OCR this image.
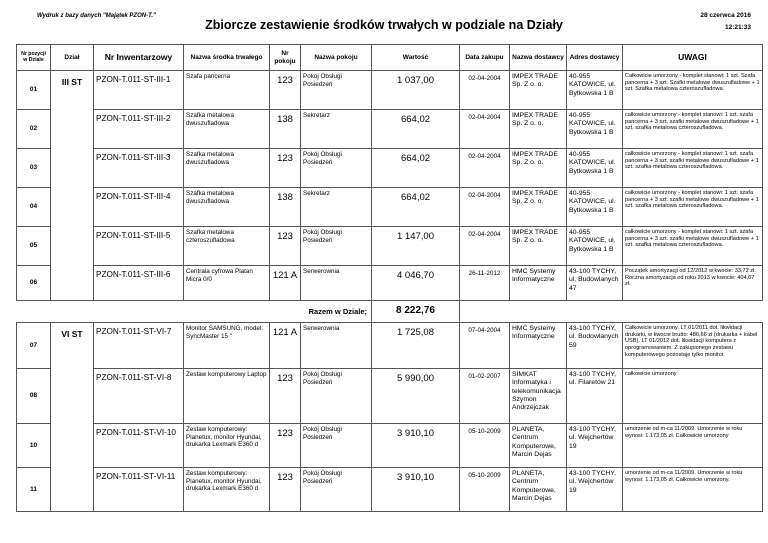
Wydruk z bazy danych "Majątek PZON-T."
Zbiorcze zestawienie środków trwałych w podziale na Działy
28 czerwca 2016
12:21:33
Nr pozycji w Dziale	Dział	Nr Inwentarzowy	Nazwa środka trwałego	Nr pokoju	Nazwa pokoju	Wartość	Data zakupu	Nazwa dostawcy	Adres dostawcy	UWAGI
01	III ST	PZON-T.011-ST-III-1	Szafa pancerna	123	Pokój Obsługi Posiedzeń	1 037,00	02-04-2004	IMPEX TRADE Sp. Z o. o.	40-955 KATOWICE, ul. Bytkowska 1 B	Całkowicie umorzony - komplet stanowi: 1 szt. Szafa pancerna + 3 szt. Szafki metalowe dwuszufladowe + 1 szt. Szafka metalowa czteroszufladowa.
02		PZON-T.011-ST-III-2	Szafka metalowa dwuszufladowa	138	Sekretarz	664,02	02-04-2004	IMPEX TRADE Sp. Z o. o.	40-955 KATOWICE, ul. Bytkowska 1 B	całkowicie umorzony - komplet stanowi: 1 szt. szafa pancerna + 3 szt. szafki metalowe dwuszufladowe + 1 szt. szafka metalowa czteroszufladowa.
03		PZON-T.011-ST-III-3	Szafka metalowa dwuszufladowa	123	Pokój Obsługi Posiedzeń	664,02	02-04-2004	IMPEX TRADE Sp. Z o. o.	40-955 KATOWICE, ul. Bytkowska 1 B	całkowicie umorzony - komplet stanowi: 1 szt. szafa pancerna + 3 szt. szafki metalowe dwuszufladowe + 1 szt. szafka metalowa czteroszufladowa.
04		PZON-T.011-ST-III-4	Szafka metalowa dwuszufladowa	138	Sekretarz	664,02	02-04-2004	IMPEX TRADE Sp. Z o. o.	40-955 KATOWICE, ul. Bytkowska 1 B	całkowicie umorzony - komplet stanowi: 1 szt. szafa pancerna + 3 szt. szafki metalowe dwuszufladowe + 1 szt. szafka metalowa czteroszufladowa.
05		PZON-T.011-ST-III-5	Szafka metalowa czteroszufladowa	123	Pokój Obsługi Posiedzeń	1 147,00	02-04-2004	IMPEX TRADE Sp. Z o. o.	40-955 KATOWICE, ul. Bytkowska 1 B	całkowicie umorzony - komplet stanowi: 1 szt. szafa pancerna + 3 szt. szafki metalowe dwuszufladowe + 1 szt. szafka metalowa czteroszufladowa.
06		PZON-T.011-ST-III-6	Centrala cyfrowa Platan Micra 0/0	121 A	Serwerownia	4 046,70	26-11-2012	HMC Systemy Informatyczne	43-100 TYCHY, ul. Budowlanych 47	Początek amortyzacji od 12/2012 w kwocie: 33,72 zł. Roczna amortyzacja od roku 2013 w kwocie: 404,67 zł.
					Razem w Dziale;	8 222,76				
07	VI ST	PZON-T.011-ST-VI-7	Monitor SAMSUNG, model: SyncMaster 15 "	121 A	Serwerownia	1 725,08	07-04-2004	HMC Systemy Informatyczne	43-100 TYCHY, ul. Budowlanych 59	Całkowicie umorzony. LT 01/2011 dot. likwidacji drukarki, w kwocie brutto: 486,66 zł (drukarka + kabel USB). LT 01/2012 dot. likwidacji komputera z oprogramowaniem. Z zakupionego zestawu komputerowego pozostaje tylko monitor.
08		PZON-T.011-ST-VI-8	Zestaw komputerowy Laptop	123	Pokój Obsługi Posiedzeń	5 990,00	01-02-2007	SIMKAT Informatyka i telekomunikacja Szymon Andrzejczak	43-100 TYCHY, ul. Filaretów 21	całkowicie umorzony
10		PZON-T.011-ST-VI-10	Zestaw komputerowy: Planetux, monitor Hyundai, drukarka Lexmark E360 d	123	Pokój Obsługi Posiedzeń	3 910,10	05-10-2009	PLANETA, Centrum Komputerowe, Marcin Dejas	43-100 TYCHY, ul. Wejchertów 19	umorzenie od m-ca 11/2009. Umorzenie w roku wynosi: 1.173,05 zł. Całkowicie umorzony
11		PZON-T.011-ST-VI-11	Zestaw komputerowy: Planetux, monitor Hyundai, drukarka Lexmark E360 d	123	Pokój Obsługi Posiedzeń	3 910,10	05-10-2009	PLANETA, Centrum Komputerowe, Marcin Dejas	43-100 TYCHY, ul. Wejchertów 19	umorzenie od m-ca 11/2009. Umorzenie w roku wynosi: 1.173,05 zł. Całkowicie umorzony.
